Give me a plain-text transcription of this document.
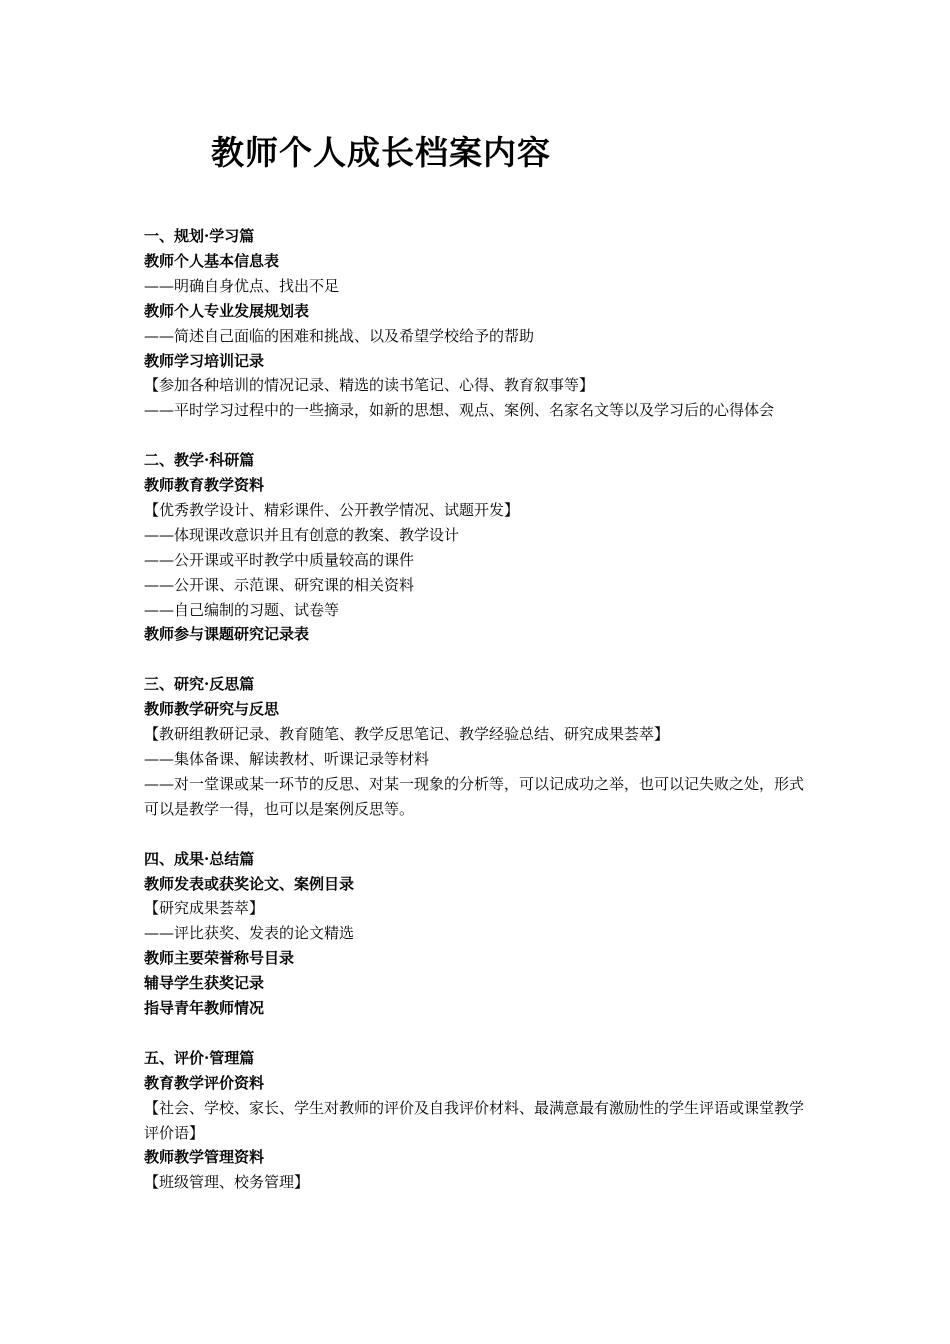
教师个人成长档案内容
一、规划·学习篇
教师个人基本信息表
——明确自身优点、找出不足
教师个人专业发展规划表
——简述自己面临的困难和挑战、以及希望学校给予的帮助
教师学习培训记录
【参加各种培训的情况记录、精选的读书笔记、心得、教育叙事等】
——平时学习过程中的一些摘录，如新的思想、观点、案例、名家名文等以及学习后的心得体会
二、教学·科研篇
教师教育教学资料
【优秀教学设计、精彩课件、公开教学情况、试题开发】
——体现课改意识并且有创意的教案、教学设计
——公开课或平时教学中质量较高的课件
——公开课、示范课、研究课的相关资料
——自己编制的习题、试卷等
教师参与课题研究记录表
三、研究·反思篇
教师教学研究与反思
【教研组教研记录、教育随笔、教学反思笔记、教学经验总结、研究成果荟萃】
——集体备课、解读教材、听课记录等材料
——对一堂课或某一环节的反思、对某一现象的分析等，可以记成功之举，也可以记失败之处，形式可以是教学一得，也可以是案例反思等。
四、成果·总结篇
教师发表或获奖论文、案例目录
【研究成果荟萃】
——评比获奖、发表的论文精选
教师主要荣誉称号目录
辅导学生获奖记录
指导青年教师情况
五、评价·管理篇
教育教学评价资料
【社会、学校、家长、学生对教师的评价及自我评价材料、最满意最有激励性的学生评语或课堂教学评价语】
教师教学管理资料
【班级管理、校务管理】
